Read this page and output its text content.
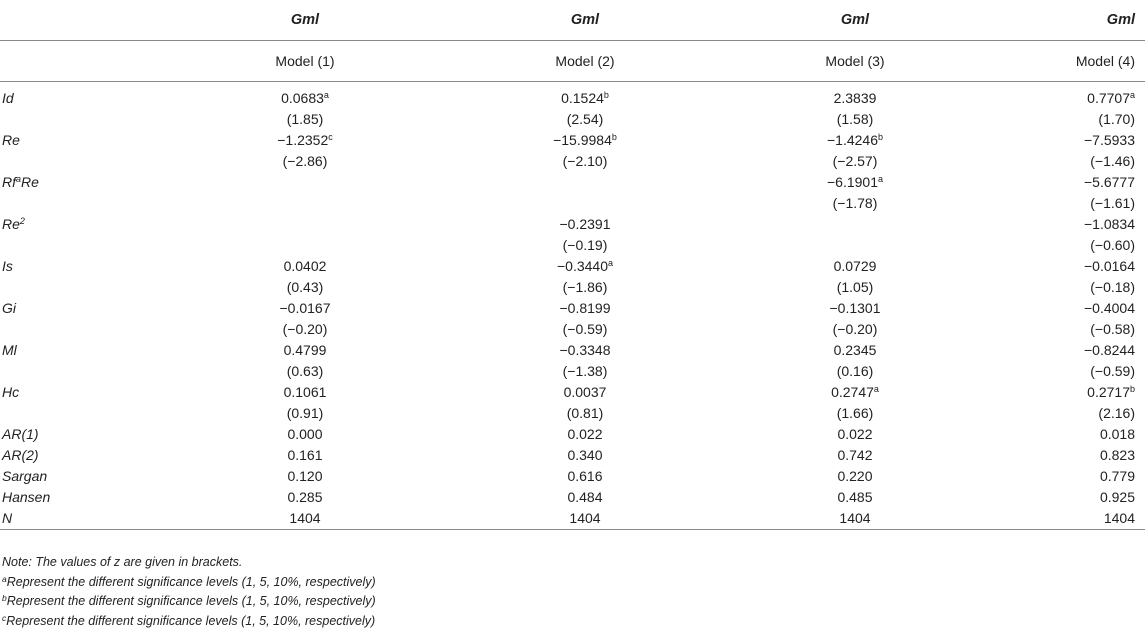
	Gml	Gml	Gml	Gml
	Model (1)	Model (2)	Model (3)	Model (4)
Id	0.0683$^a$	0.1524$^b$	2.3839	0.7707$^a$
	(1.85)	(2.54)	(1.58)	(1.70)
Re	−1.2352$^c$	−15.9984$^b$	−1.4246$^b$	−7.5933
	(−2.86)	(−2.10)	(−2.57)	(−1.46)
Rf$^a$Re			−6.1901$^a$	−5.6777
			(−1.78)	(−1.61)
Re$^2$		−0.2391		−1.0834
		(−0.19)		(−0.60)
Is	0.0402	−0.3440$^a$	0.0729	−0.0164
	(0.43)	(−1.86)	(1.05)	(−0.18)
Gi	−0.0167	−0.8199	−0.1301	−0.4004
	(−0.20)	(−0.59)	(−0.20)	(−0.58)
Ml	0.4799	−0.3348	0.2345	−0.8244
	(0.63)	(−1.38)	(0.16)	(−0.59)
Hc	0.1061	0.0037	0.2747$^a$	0.2717$^b$
	(0.91)	(0.81)	(1.66)	(2.16)
AR(1)	0.000	0.022	0.022	0.018
AR(2)	0.161	0.340	0.742	0.823
Sargan	0.120	0.616	0.220	0.779
Hansen	0.285	0.484	0.485	0.925
N	1404	1404	1404	1404
Note: The values of z are given in brackets.
$^a$Represent the different significance levels (1, 5, 10%, respectively)
$^b$Represent the different significance levels (1, 5, 10%, respectively)
$^c$Represent the different significance levels (1, 5, 10%, respectively)
